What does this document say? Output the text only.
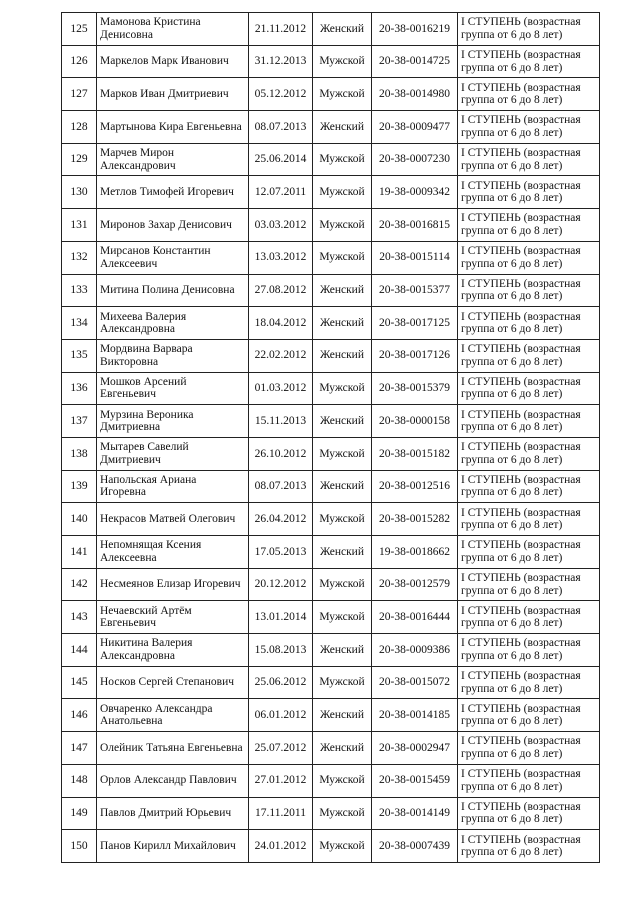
125	Мамонова Кристина Денисовна	21.11.2012	Женский	20-38-0016219	I СТУПЕНЬ (возрастная
группа от 6 до 8 лет)
126	Маркелов Марк Иванович	31.12.2013	Мужской	20-38-0014725	I СТУПЕНЬ (возрастная
группа от 6 до 8 лет)
127	Марков Иван Дмитриевич	05.12.2012	Мужской	20-38-0014980	I СТУПЕНЬ (возрастная
группа от 6 до 8 лет)
128	Мартынова Кира Евгеньевна	08.07.2013	Женский	20-38-0009477	I СТУПЕНЬ (возрастная
группа от 6 до 8 лет)
129	Марчев Мирон Александрович	25.06.2014	Мужской	20-38-0007230	I СТУПЕНЬ (возрастная
группа от 6 до 8 лет)
130	Метлов Тимофей Игоревич	12.07.2011	Мужской	19-38-0009342	I СТУПЕНЬ (возрастная
группа от 6 до 8 лет)
131	Миронов Захар Денисович	03.03.2012	Мужской	20-38-0016815	I СТУПЕНЬ (возрастная
группа от 6 до 8 лет)
132	Мирсанов Константин Алексеевич	13.03.2012	Мужской	20-38-0015114	I СТУПЕНЬ (возрастная
группа от 6 до 8 лет)
133	Митина Полина Денисовна	27.08.2012	Женский	20-38-0015377	I СТУПЕНЬ (возрастная
группа от 6 до 8 лет)
134	Михеева Валерия Александровна	18.04.2012	Женский	20-38-0017125	I СТУПЕНЬ (возрастная
группа от 6 до 8 лет)
135	Мордвина Варвара Викторовна	22.02.2012	Женский	20-38-0017126	I СТУПЕНЬ (возрастная
группа от 6 до 8 лет)
136	Мошков Арсений Евгеньевич	01.03.2012	Мужской	20-38-0015379	I СТУПЕНЬ (возрастная
группа от 6 до 8 лет)
137	Мурзина Вероника Дмитриевна	15.11.2013	Женский	20-38-0000158	I СТУПЕНЬ (возрастная
группа от 6 до 8 лет)
138	Мытарев Савелий Дмитриевич	26.10.2012	Мужской	20-38-0015182	I СТУПЕНЬ (возрастная
группа от 6 до 8 лет)
139	Напольская Ариана Игоревна	08.07.2013	Женский	20-38-0012516	I СТУПЕНЬ (возрастная
группа от 6 до 8 лет)
140	Некрасов Матвей Олегович	26.04.2012	Мужской	20-38-0015282	I СТУПЕНЬ (возрастная
группа от 6 до 8 лет)
141	Непомнящая Ксения Алексеевна	17.05.2013	Женский	19-38-0018662	I СТУПЕНЬ (возрастная
группа от 6 до 8 лет)
142	Несмеянов Елизар Игоревич	20.12.2012	Мужской	20-38-0012579	I СТУПЕНЬ (возрастная
группа от 6 до 8 лет)
143	Нечаевский Артём Евгеньевич	13.01.2014	Мужской	20-38-0016444	I СТУПЕНЬ (возрастная
группа от 6 до 8 лет)
144	Никитина Валерия Александровна	15.08.2013	Женский	20-38-0009386	I СТУПЕНЬ (возрастная
группа от 6 до 8 лет)
145	Носков Сергей Степанович	25.06.2012	Мужской	20-38-0015072	I СТУПЕНЬ (возрастная
группа от 6 до 8 лет)
146	Овчаренко Александра Анатольевна	06.01.2012	Женский	20-38-0014185	I СТУПЕНЬ (возрастная
группа от 6 до 8 лет)
147	Олейник Татьяна Евгеньевна	25.07.2012	Женский	20-38-0002947	I СТУПЕНЬ (возрастная
группа от 6 до 8 лет)
148	Орлов Александр Павлович	27.01.2012	Мужской	20-38-0015459	I СТУПЕНЬ (возрастная
группа от 6 до 8 лет)
149	Павлов Дмитрий Юрьевич	17.11.2011	Мужской	20-38-0014149	I СТУПЕНЬ (возрастная
группа от 6 до 8 лет)
150	Панов Кирилл Михайлович	24.01.2012	Мужской	20-38-0007439	I СТУПЕНЬ (возрастная
группа от 6 до 8 лет)
